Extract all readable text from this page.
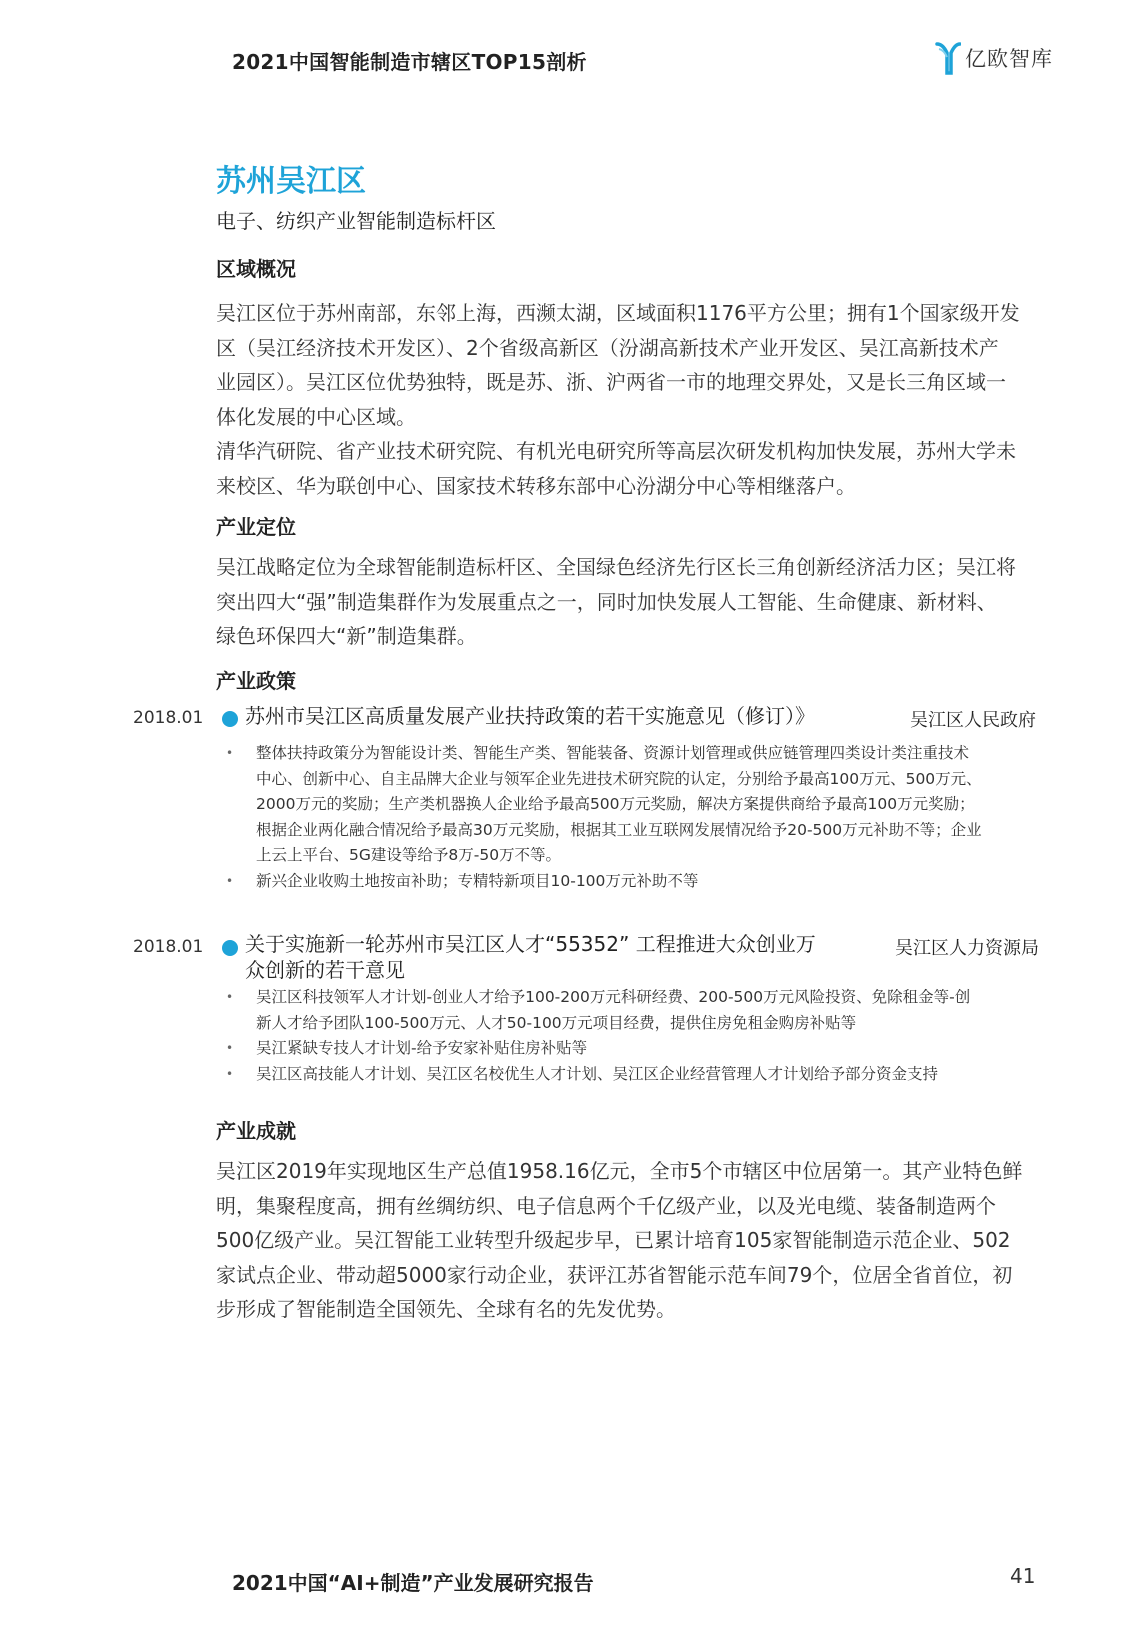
2021中国智能制造市辖区TOP15剖析	亿欧智库
苏州吴江区
电子、纺织产业智能制造标杆区
区域概况
吴江区位于苏州南部，东邻上海，西濒太湖，区域面积1176平方公里；拥有1个国家级开发
区（吴江经济技术开发区）、2个省级高新区（汾湖高新技术产业开发区、吴江高新技术产
业园区）。吴江区位优势独特，既是苏、浙、沪两省一市的地理交界处，又是长三角区域一
体化发展的中心区域。
清华汽研院、省产业技术研究院、有机光电研究所等高层次研发机构加快发展，苏州大学未
来校区、华为联创中心、国家技术转移东部中心汾湖分中心等相继落户。
产业定位
吴江战略定位为全球智能制造标杆区、全国绿色经济先行区长三角创新经济活力区；吴江将
突出四大“强”制造集群作为发展重点之一，同时加快发展人工智能、生命健康、新材料、
绿色环保四大“新”制造集群。
产业政策
2018.01 苏州市吴江区高质量发展产业扶持政策的若干实施意见（修订）》	吴江区人民政府
• 整体扶持政策分为智能设计类、智能生产类、智能装备、资源计划管理或供应链管理四类设计类注重技术
中心、创新中心、自主品牌大企业与领军企业先进技术研究院的认定，分别给予最高100万元、500万元、
2000万元的奖励；生产类机器换人企业给予最高500万元奖励，解决方案提供商给予最高100万元奖励；
根据企业两化融合情况给予最高30万元奖励，根据其工业互联网发展情况给予20-500万元补助不等；企业
上云上平台、5G建设等给予8万-50万不等。
• 新兴企业收购土地按亩补助；专精特新项目10-100万元补助不等
2018.01 关于实施新一轮苏州市吴江区人才“55352” 工程推进大众创业万
众创新的若干意见
吴江区人力资源局
• 吴江区科技领军人才计划-创业人才给予100-200万元科研经费、200-500万元风险投资、免除租金等-创
新人才给予团队100-500万元、人才50-100万元项目经费，提供住房免租金购房补贴等
• 吴江紧缺专技人才计划-给予安家补贴住房补贴等
• 吴江区高技能人才计划、吴江区名校优生人才计划、吴江区企业经营管理人才计划给予部分资金支持
产业成就
吴江区2019年实现地区生产总值1958.16亿元，全市5个市辖区中位居第一。其产业特色鲜
明，集聚程度高，拥有丝绸纺织、电子信息两个千亿级产业，以及光电缆、装备制造两个
500亿级产业。吴江智能工业转型升级起步早，已累计培育105家智能制造示范企业、502
家试点企业、带动超5000家行动企业，获评江苏省智能示范车间79个，位居全省首位，初
步形成了智能制造全国领先、全球有名的先发优势。
2021中国“AI+制造”产业发展研究报告	41
